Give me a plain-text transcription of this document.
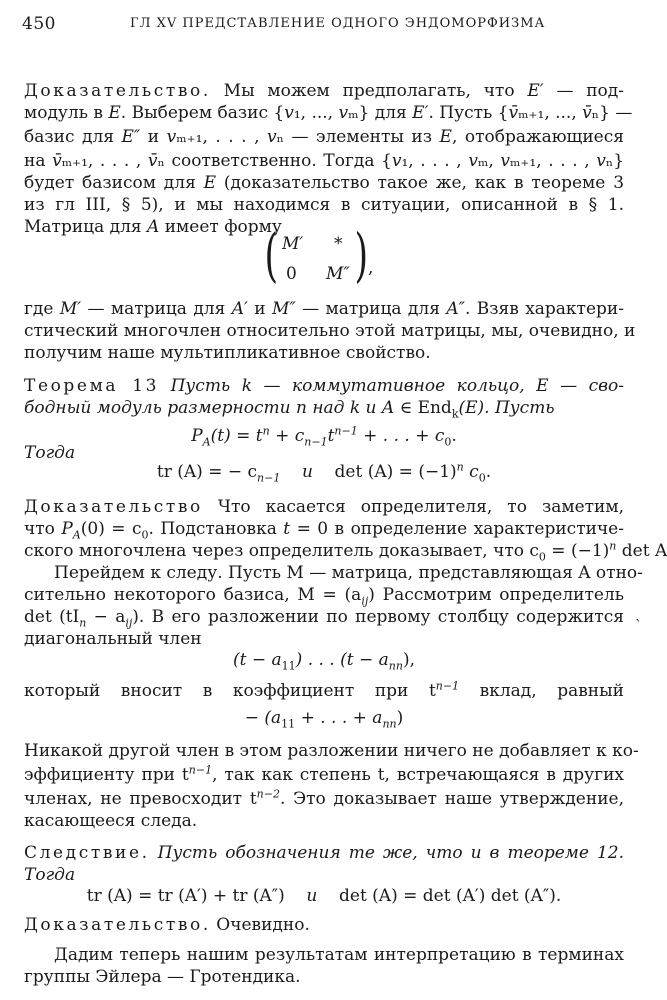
450	ГЛ XV ПРЕДСТАВЛЕНИЕ ОДНОГО ЭНДОМОРФИЗМА
Доказательство. Мы можем предполагать, что E′ — под-
модуль в E. Выберем базис {v₁, ..., vₘ} для E′. Пусть {v̄ₘ₊₁, ..., v̄ₙ} —
базис для E″ и vₘ₊₁, . . . , vₙ — элементы из E, отображающиеся
на v̄ₘ₊₁, . . . , v̄ₙ соответственно. Тогда {v₁, . . . , vₘ, vₘ₊₁, . . . , vₙ}
будет базисом для E (доказательство такое же, как в теореме 3
из гл III, § 5), и мы находимся в ситуации, описанной в § 1.
Матрица для A имеет форму
( M′ *
0 M″ ) ,
где M′ — матрица для A′ и M″ — матрица для A″. Взяв характери-
стический многочлен относительно этой матрицы, мы, очевидно, и
получим наше мультипликативное свойство.
Теорема 13 Пусть k — коммутативное кольцо, E — сво-
бодный модуль размерности n над k и A ∈ End$_k$(E). Пусть
$P_A(t) = t^n + c_{n-1}t^{n-1}$ + . . . + $c_0$.
Тогда
tr (A) = − $c_{n-1}$ и $\det (A) = (-1)^n$ $c_0$.
Доказательство Что касается определителя, то заметим,
что $P_A(0) = c_0$. Подстановка t = 0 в определение характеристиче-
ского многочлена через определитель доказывает, что $c_0 = (-1)^n$ det A
Перейдем к следу. Пусть M — матрица, представляющая A отно-
сительно некоторого базиса, $M = (a_{ij})$ Рассмотрим определитель
$\det (tI_n - a_{ij})$. В его разложении по первому столбцу содержится
диагональный член
$(t - a_{11})$ . . . $(t - a_{nn})$,
который вносит в коэффициент при $t^{n-1}$ вклад, равный
− ($a_{11}$ + . . . + $a_{nn}$)
Никакой другой член в этом разложении ничего не добавляет к ко-
эффициенту при $t^{n-1}$, так как степень t, встречающаяся в других
членах, не превосходит $t^{n-2}$. Это доказывает наше утверждение,
касающееся следа.
Следствие. Пусть обозначения те же, что и в теореме 12.
Тогда
tr (A) = tr (A′) + tr (A″) и det (A) = det (A′) det (A″).
Доказательство. Очевидно.
Дадим теперь нашим результатам интерпретацию в терминах
группы Эйлера — Гротендика.
ˋ
